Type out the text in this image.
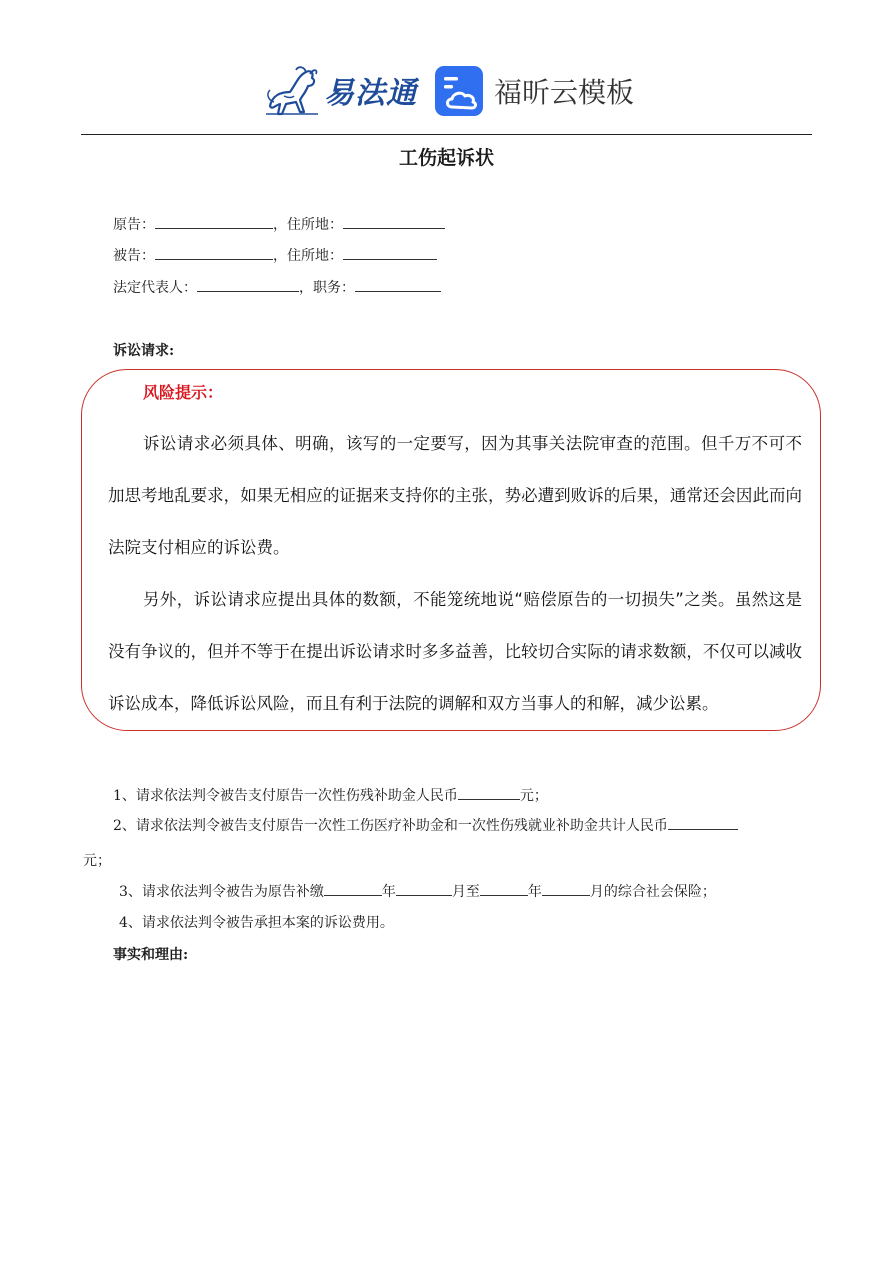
易法通	福昕云模板
工伤起诉状
原告：	，住所地：
被告：	，住所地：
法定代表人：	，职务：
诉讼请求:
风险提示：

诉讼请求必须具体、明确，该写的一定要写，因为其事关法院审查的范围。但千万不可不加思考地乱要求，如果无相应的证据来支持你的主张，势必遭到败诉的后果，通常还会因此而向法院支付相应的诉讼费。

另外，诉讼请求应提出具体的数额，不能笼统地说“赔偿原告的一切损失”之类。虽然这是没有争议的，但并不等于在提出诉讼请求时多多益善，比较切合实际的请求数额，不仅可以减收诉讼成本，降低诉讼风险，而且有利于法院的调解和双方当事人的和解，减少讼累。

1、请求依法判令被告支付原告一次性伤残补助金人民币	元；
2、请求依法判令被告支付原告一次性工伤医疗补助金和一次性伤残就业补助金共计人民币
元；
3、请求依法判令被告为原告补缴	年	月至	年	月的综合社会保险；
4、请求依法判令被告承担本案的诉讼费用。
事实和理由:
